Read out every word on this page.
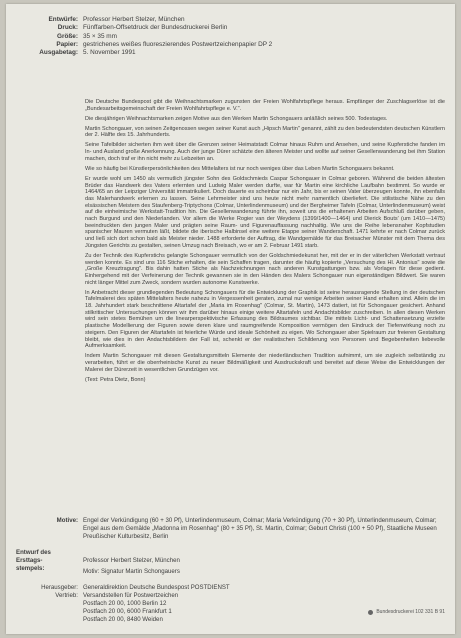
Entwürfe: Professor Herbert Stelzer, München
Druck: Fünffarben-Offsetdruck der Bundesdruckerei Berlin
Größe: 35 × 35 mm
Papier: gestrichenes weißes fluoreszierendes Postwertzeichenpapier DP 2
Ausgabetag: 5. November 1991

Die Deutsche Bundespost gibt die Weihnachtsmarken zugunsten der Freien Wohlfahrtspflege heraus. Empfänger der Zuschlagserlöse ist die „Bundesarbeitsgemeinschaft der Freien Wohlfahrtspflege e. V.".

Die diesjährigen Weihnachtsmarken zeigen Motive aus den Werken Martin Schongauers anläßlich seines 500. Todestages.

Martin Schongauer, von seinen Zeitgenossen wegen seiner Kunst auch „Hipsch Martin" genannt, zählt zu den bedeutendsten deutschen Künstlern der 2. Hälfte des 15. Jahrhunderts.

Seine Tafelbilder sicherten ihm weit über die Grenzen seiner Heimatstadt Colmar hinaus Ruhm und Ansehen, und seine Kupferstiche fanden im In- und Ausland große Anerkennung. Auch der junge Dürer schätzte den älteren Meister und wollte auf seiner Gesellenwanderung bei ihm Station machen, doch traf er ihn nicht mehr zu Lebzeiten an.

Wie so häufig bei Künstlerpersönlichkeiten des Mittelalters ist nur noch weniges über das Leben Martin Schongauers bekannt.

Er wurde wohl um 1450 als vermutlich jüngster Sohn des Goldschmieds Caspar Schongauer in Colmar geboren. Während die beiden ältesten Brüder das Handwerk des Vaters erlernten und Ludwig Maler werden durfte, war für Martin eine kirchliche Laufbahn bestimmt. So wurde er 1464/65 an der Leipziger Universität immatrikuliert. Doch dauerte es scheinbar nur ein Jahr, bis er seinen Vater überzeugen konnte, ihn ebenfalls das Malerhandwerk erlernen zu lassen. Seine Lehrmeister sind uns heute nicht mehr namentlich überliefert. Die stilistische Nähe zu den elsässischen Meistern des Staufenberg-Triptychons (Colmar, Unterlindenmuseum) und der Bergheimer Tafeln (Colmar, Unterlindenmuseum) weist auf die einheimische Werkstatt-Tradition hin. Die Gesellenwanderung führte ihn, soweit uns die erhaltenen Arbeiten Aufschluß darüber geben, nach Burgund und den Niederlanden. Vor allem die Werke Rogier van der Weydens (1399/1400—1464) und Dierick Bouts' (um 1410—1475) beeindruckten den jungen Maler und prägten seine Raum- und Figurenauffassung nachhaltig. Wie uns die Reihe lebensnaher Kopfstudien spanischer Mauren vermuten läßt, bildete die iberische Halbinsel eine weitere Etappe seiner Wanderschaft. 1471 kehrte er nach Colmar zurück und ließ sich dort schon bald als Meister nieder. 1488 erforderte der Auftrag, die Wandgemälde für das Breisacher Münster mit dem Thema des Jüngsten Gerichts zu gestalten, seinen Umzug nach Breisach, wo er am 2. Februar 1491 starb.

Zu der Technik des Kupferstichs gelangte Schongauer vermutlich von der Goldschmiedekunst her, mit der er in der väterlichen Werkstatt vertraut werden konnte. Es sind uns 116 Stiche erhalten, die sein Schaffen tragen, darunter die häufig kopierte „Versuchung des Hl. Antonius" sowie die „Große Kreuztragung". Bis dahin hatten Stiche als Nachzeichnungen nach anderen Kunstgattungen bzw. als Vorlagen für diese gedient. Einhergehend mit der Verfeinerung der Technik gewannen sie in den Händen des Malers Schongauer nun eigenständigen Bildwert. Sie waren nicht länger Mittel zum Zweck, sondern wurden autonome Kunstwerke.

In Anbetracht dieser grundlegenden Bedeutung Schongauers für die Entwicklung der Graphik ist seine herausragende Stellung in der deutschen Tafelmalerei des späten Mittelalters heute nahezu in Vergessenheit geraten, zumal nur wenige Arbeiten seiner Hand erhalten sind. Allein die im 18. Jahrhundert stark beschnittene Altartafel der „Maria im Rosenhag" (Colmar, St. Martin), 1473 datiert, ist für Schongauer gesichert. Anhand stilkritischer Untersuchungen können wir ihm darüber hinaus einige weitere Altartafeln und Andachtsbilder zuschreiben. In allen diesen Werken wird sein stetes Bemühen um die linearperspektivische Erfassung des Bildraumes sichtbar. Die mittels Licht- und Schattensetzung erzielte plastische Modellierung der Figuren sowie deren klare und raumgreifende Komposition vermögen den Eindruck der Tiefenwirkung noch zu steigern. Den Figuren der Altartafeln ist feierliche Würde und ideale Schönheit zu eigen. Wo Schongauer aber Spielraum zur freieren Gestaltung bleibt, wie dies in den Andachtsbildern der Fall ist, schenkt er der realistischen Schilderung von Personen und Begebenheiten liebevolle Aufmerksamkeit.

Indem Martin Schongauer mit diesen Gestaltungsmitteln Elemente der niederländischen Tradition aufnimmt, um sie zugleich selbständig zu verarbeiten, führt er die oberrheinische Kunst zu neuer Bildmäßigkeit und Ausdruckskraft und bereitet auf diese Weise die Entwicklungen der Malerei der Dürerzeit in wesentlichen Grundzügen vor.

(Text: Petra Dietz, Bonn)

Motive: Engel der Verkündigung (60 + 30 Pf), Unterlindenmuseum, Colmar; Maria Verkündigung (70 + 30 Pf), Unterlindenmuseum, Colmar; Engel aus dem Gemälde „Madonna im Rosenhag" (80 + 35 Pf), St. Martin, Colmar; Geburt Christi (100 + 50 Pf), Staatliche Museen Preußischer Kulturbesitz, Berlin
Entwurf des
Ersttags-
stempels:
Professor Herbert Stelzer, München
Motiv: Signatur Martin Schongauers
Herausgeber:
Vertrieb:
Generaldirektion Deutsche Bundespost POSTDIENST
Versandstellen für Postwertzeichen
Postfach 20 00, 1000 Berlin 12
Postfach 20 00, 6000 Frankfurt 1
Postfach 20 00, 8480 Weiden
Bundesdruckerei 102 331 B 91
